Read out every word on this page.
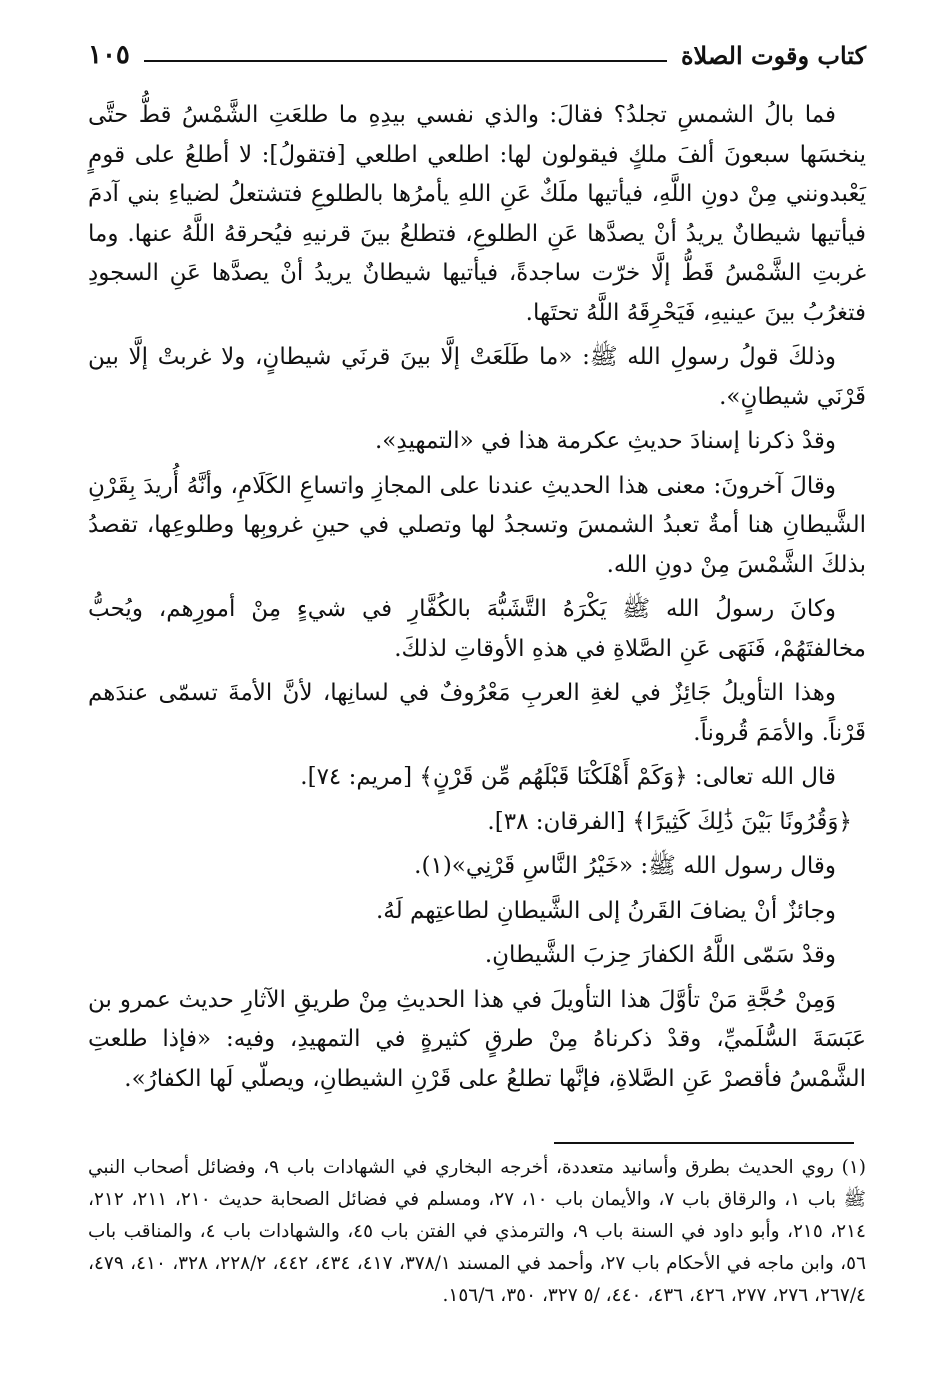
كتاب وقوت الصلاة
١٠٥

فما بالُ الشمسِ تجلدُ؟ فقالَ: والذي نفسي بيدِهِ ما طلعَتِ الشَّمْسُ قطُّ حتَّى ينخسَها سبعونَ ألفَ ملكٍ فيقولون لها: اطلعي اطلعي [فتقولُ]: لا أطلعُ على قومٍ يَعْبدونني مِنْ دونِ اللَّهِ، فيأتيها ملَكٌ عَنِ اللهِ يأمرُها بالطلوعِ فتشتعلُ لضياءِ بني آدمَ فيأتيها شيطانٌ يريدُ أنْ يصدَّها عَنِ الطلوعِ، فتطلعُ بينَ قرنيهِ فيُحرقهُ اللَّهُ عنها. وما غربتِ الشَّمْسُ قَطُّ إلَّا خرّت ساجدةً، فيأتيها شيطانٌ يريدُ أنْ يصدَّها عَنِ السجودِ فتغرُبُ بينَ عينيهِ، فَيَحْرِقَهُ اللَّهُ تحتَها.

وذلكَ قولُ رسولِ الله ﷺ: «ما طَلَعَتْ إلَّا بينَ قرنَي شيطانٍ، ولا غربتْ إلَّا بين قَرْنَي شيطانٍ».

وقدْ ذكرنا إسنادَ حديثِ عكرمة هذا في «التمهيدِ».

وقالَ آخرونَ: معنى هذا الحديثِ عندنا على المجازِ واتساعِ الكَلَامِ، وأنَّهُ أُريدَ بِقَرْنِ الشَّيطانِ هنا أمةٌ تعبدُ الشمسَ وتسجدُ لها وتصلي في حينِ غروبِها وطلوعِها، تقصدُ بذلكَ الشَّمْسَ مِنْ دونِ الله.

وكانَ رسولُ الله ﷺ يَكْرَهُ التَّشَبُّهَ بالكُفَّارِ في شيءٍ مِنْ أمورِهم، ويُحبُّ مخالفتَهُمْ، فَنَهَى عَنِ الصَّلاةِ في هذهِ الأوقاتِ لذلكَ.

وهذا التأويلُ جَائِزٌ في لغةِ العربِ مَعْرُوفٌ في لسانِها، لأنَّ الأمةَ تسمّى عندَهم قَرْناً. والأمَمَ قُروناً.

قال الله تعالى: ﴿وَكَمْ أَهْلَكْنَا قَبْلَهُم مِّن قَرْنٍ﴾ [مريم: ٧٤].

﴿وَقُرُونًا بَيْنَ ذَٰلِكَ كَثِيرًا﴾ [الفرقان: ٣٨].

وقال رسول الله ﷺ: «خَيْرُ النَّاسِ قَرْنِي»(١).

وجائزٌ أنْ يضافَ القَرنُ إلى الشَّيطانِ لطاعتِهم لَهُ.

وقدْ سَمّى اللَّهُ الكفارَ حِزبَ الشَّيطانِ.

وَمِنْ حُجَّةِ مَنْ تأوَّلَ هذا التأويلَ في هذا الحديثِ مِنْ طريقِ الآثارِ حديث عمرو بن عَبَسَةَ السُّلَميِّ، وقدْ ذكرناهُ مِنْ طرقٍ كثيرةٍ في التمهيدِ، وفيه: «فإذا طلعتِ الشَّمْسُ فأقصرْ عَنِ الصَّلاةِ، فإنَّها تطلعُ على قَرْنِ الشيطانِ، ويصلّي لَها الكفارُ».

(١) روي الحديث بطرق وأسانيد متعددة، أخرجه البخاري في الشهادات باب ٩، وفضائل أصحاب النبي ﷺ باب ١، والرقاق باب ٧، والأيمان باب ١٠، ٢٧، ومسلم في فضائل الصحابة حديث ٢١٠، ٢١١، ٢١٢، ٢١٤، ٢١٥، وأبو داود في السنة باب ٩، والترمذي في الفتن باب ٤٥، والشهادات باب ٤، والمناقب باب ٥٦، وابن ماجه في الأحكام باب ٢٧، وأحمد في المسند ٣٧٨/١، ٤١٧، ٤٣٤، ٤٤٢، ٢٢٨/٢، ٣٢٨، ٤١٠، ٤٧٩، ٢٦٧/٤، ٢٧٦، ٢٧٧، ٤٢٦، ٤٣٦، ٤٤٠، /٥ ٣٢٧، ٣٥٠، ١٥٦/٦.
